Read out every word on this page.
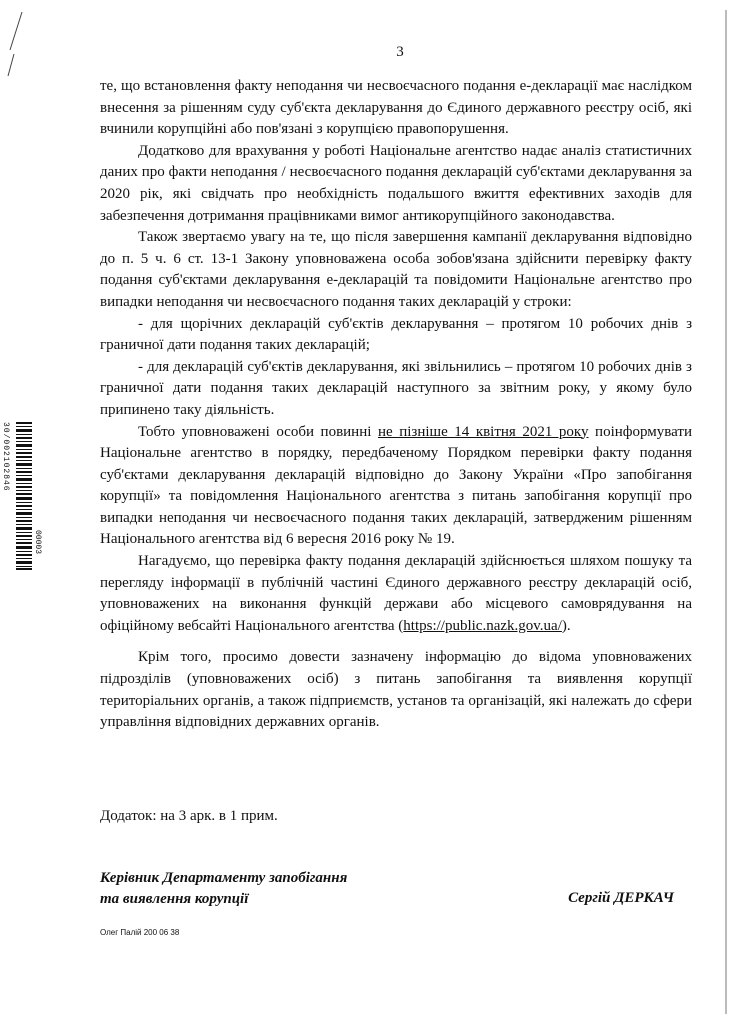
3

те, що встановлення факту неподання чи несвоєчасного подання е-декларації має наслідком внесення за рішенням суду суб'єкта декларування до Єдиного державного реєстру осіб, які вчинили корупційні або пов'язані з корупцією правопорушення.

Додатково для врахування у роботі Національне агентство надає аналіз статистичних даних про факти неподання / несвоєчасного подання декларацій суб'єктами декларування за 2020 рік, які свідчать про необхідність подальшого вжиття ефективних заходів для забезпечення дотримання працівниками вимог антикорупційного законодавства.

Також звертаємо увагу на те, що після завершення кампанії декларування відповідно до п. 5 ч. 6 ст. 13-1 Закону уповноважена особа зобов'язана здійснити перевірку факту подання суб'єктами декларування е-декларацій та повідомити Національне агентство про випадки неподання чи несвоєчасного подання таких декларацій у строки:

- для щорічних декларацій суб'єктів декларування – протягом 10 робочих днів з граничної дати подання таких декларацій;

- для декларацій суб'єктів декларування, які звільнились – протягом 10 робочих днів з граничної дати подання таких декларацій наступного за звітним року, у якому було припинено таку діяльність.

Тобто уповноважені особи повинні не пізніше 14 квітня 2021 року поінформувати Національне агентство в порядку, передбаченому Порядком перевірки факту подання суб'єктами декларування декларацій відповідно до Закону України «Про запобігання корупції» та повідомлення Національного агентства з питань запобігання корупції про випадки неподання чи несвоєчасного подання таких декларацій, затвердженим рішенням Національного агентства від 6 вересня 2016 року № 19.

Нагадуємо, що перевірка факту подання декларацій здійснюється шляхом пошуку та перегляду інформації в публічній частині Єдиного державного реєстру декларацій осіб, уповноважених на виконання функцій держави або місцевого самоврядування на офіційному вебсайті Національного агентства (https://public.nazk.gov.ua/).

Крім того, просимо довести зазначену інформацію до відома уповноважених підрозділів (уповноважених осіб) з питань запобігання та виявлення корупції територіальних органів, а також підприємств, установ та організацій, які належать до сфери управління відповідних державних органів.

Додаток: на 3 арк. в 1 прим.
Керівник Департаменту запобігання
та виявлення корупції	Сергій ДЕРКАЧ
Олег Палій 200 06 38
30/002102846
00003
